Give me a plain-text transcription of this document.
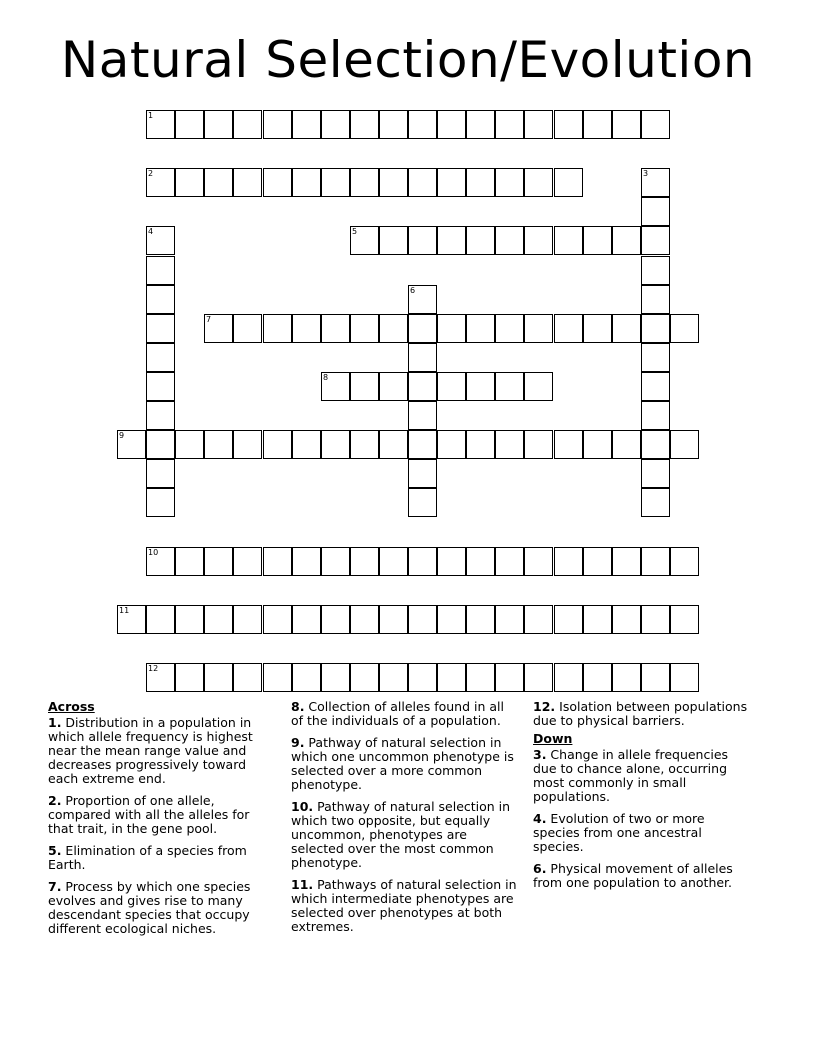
Natural Selection/Evolution
1
2	3
4	5
6
7
8
9
10
11
12
Across
1. Distribution in a population in which allele frequency is highest near the mean range value and decreases progressively toward each extreme end.
2. Proportion of one allele, compared with all the alleles for that trait, in the gene pool.
5. Elimination of a species from Earth.
7. Process by which one species evolves and gives rise to many descendant species that occupy different ecological niches.
8. Collection of alleles found in all of the individuals of a population.
9. Pathway of natural selection in which one uncommon phenotype is selected over a more common phenotype.
10. Pathway of natural selection in which two opposite, but equally uncommon, phenotypes are selected over the most common phenotype.
11. Pathways of natural selection in which intermediate phenotypes are selected over phenotypes at both extremes.
12. Isolation between populations due to physical barriers.
Down
3. Change in allele frequencies due to chance alone, occurring most commonly in small populations.
4. Evolution of two or more species from one ancestral species.
6. Physical movement of alleles from one population to another.
